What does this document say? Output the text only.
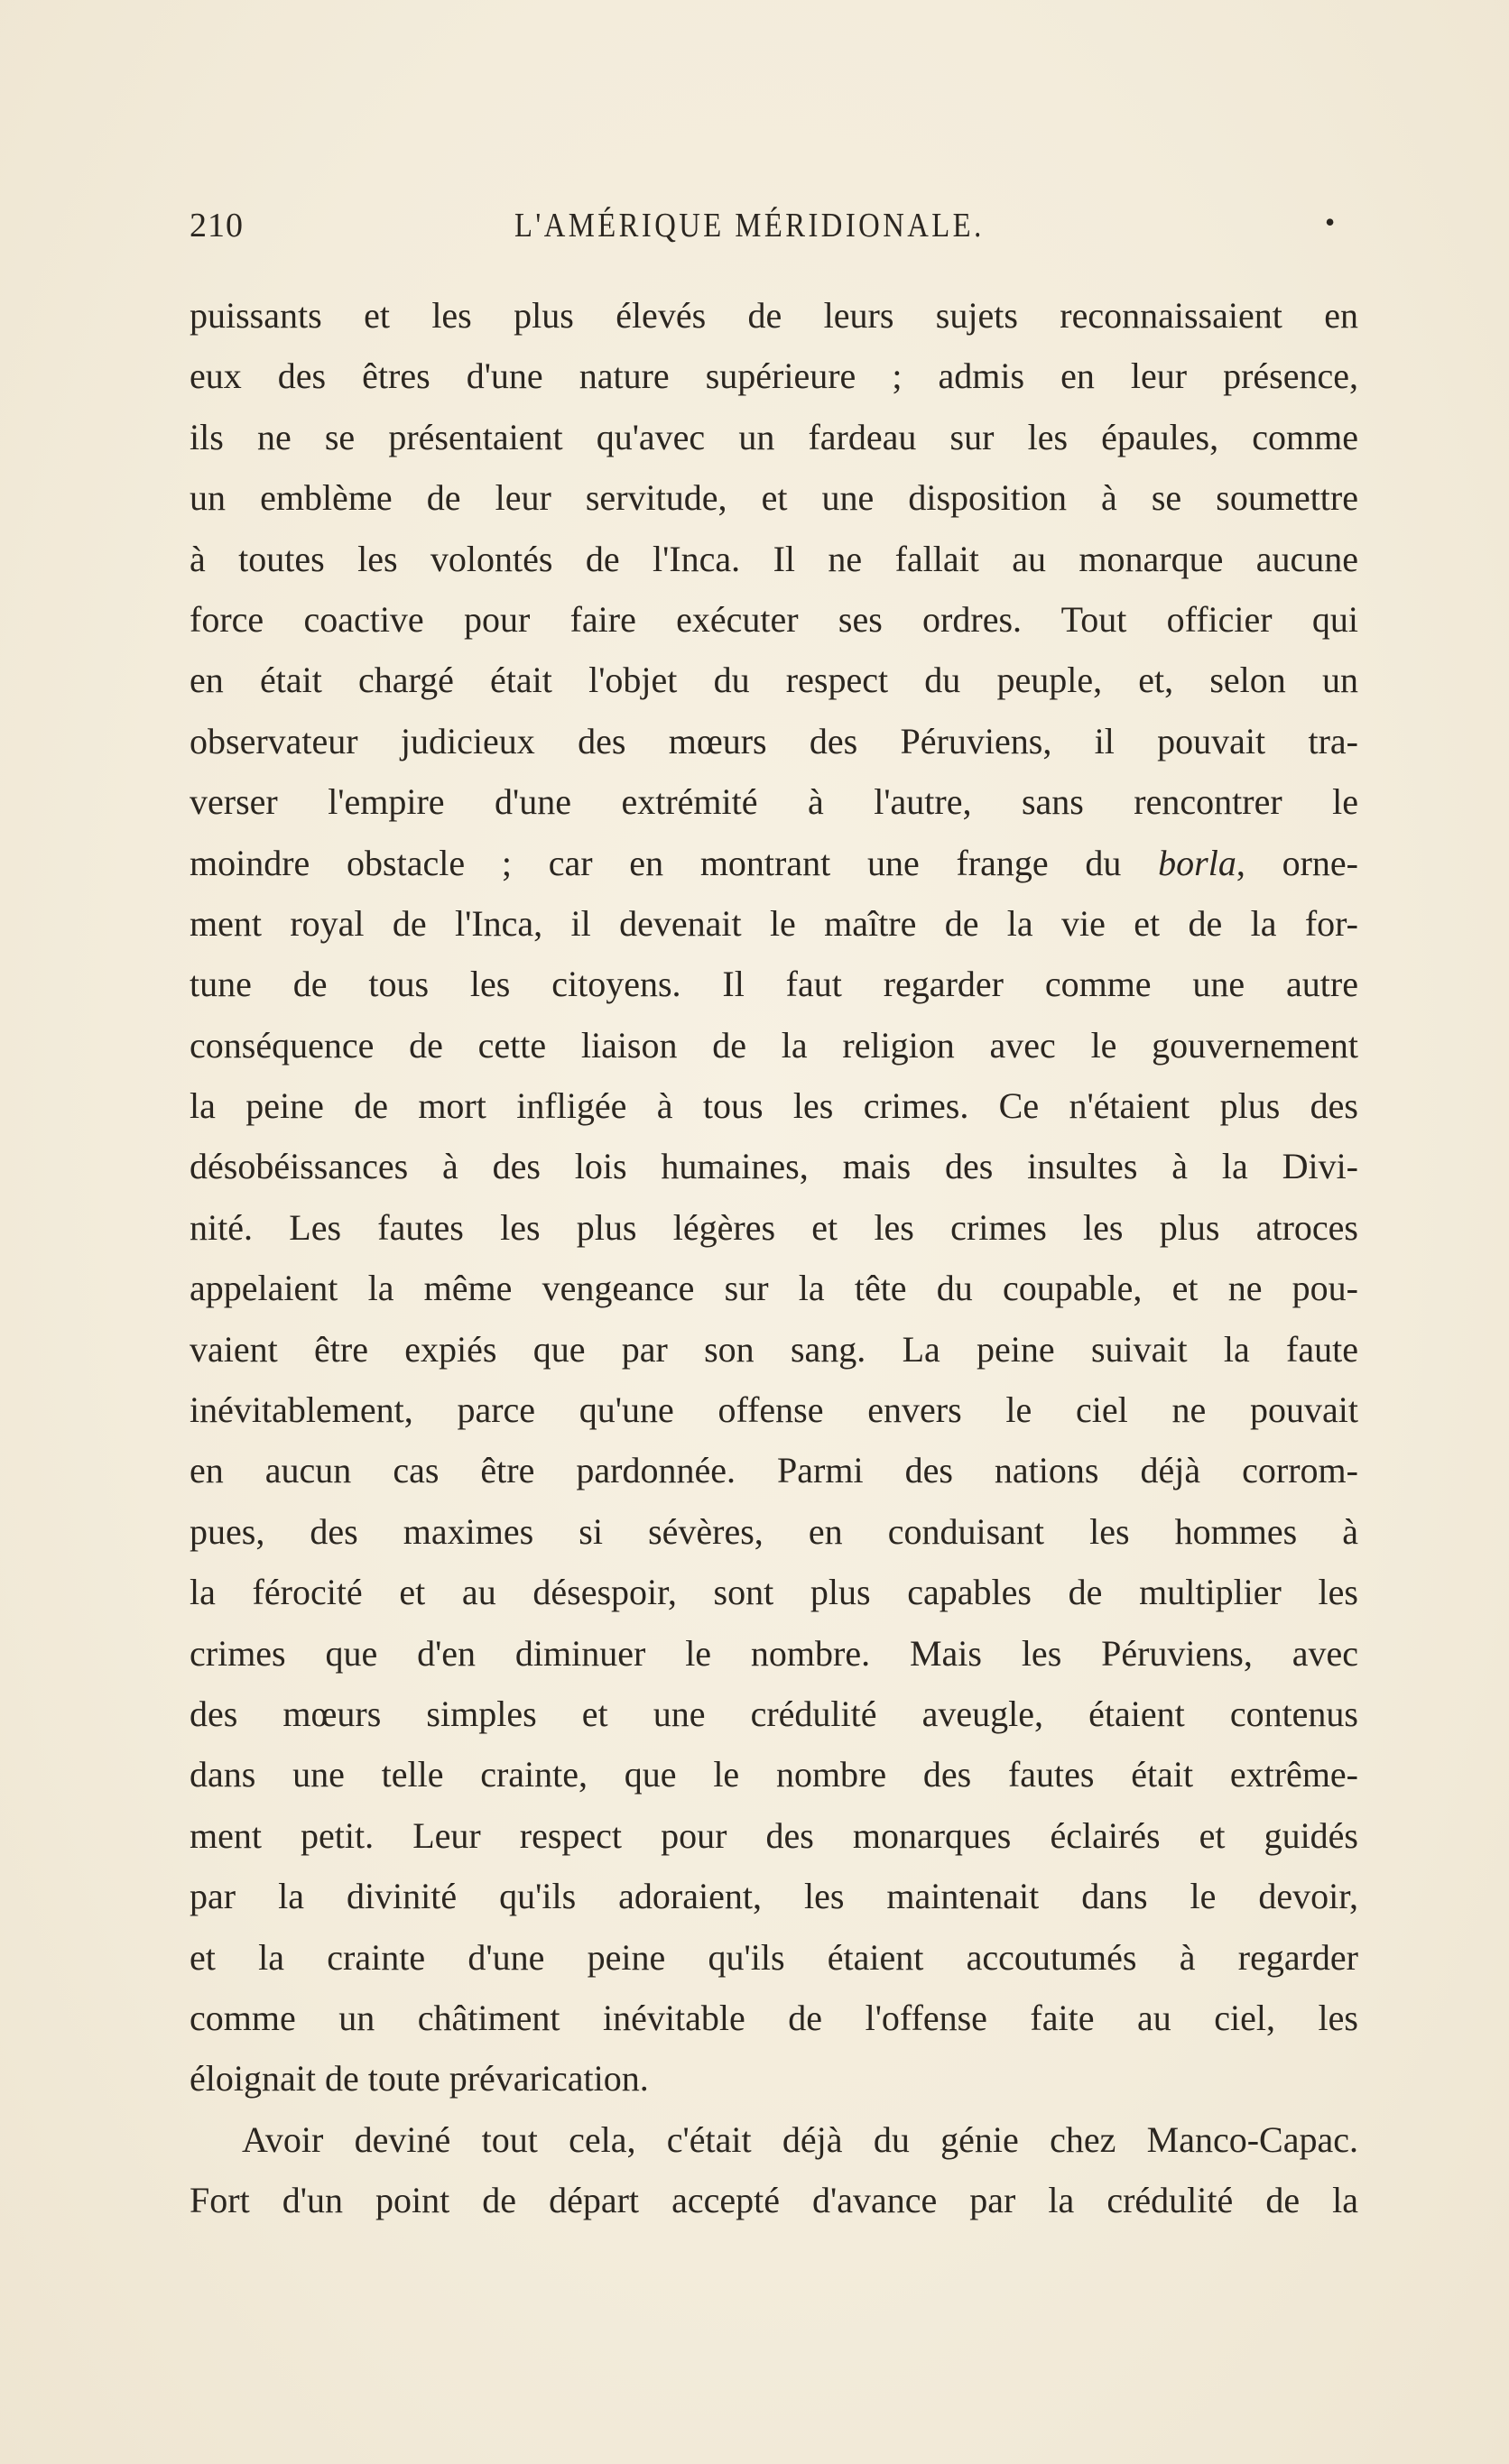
210	L'AMÉRIQUE MÉRIDIONALE.	•
puissants et les plus élevés de leurs sujets reconnaissaient en
eux des êtres d'une nature supérieure ; admis en leur présence,
ils ne se présentaient qu'avec un fardeau sur les épaules, comme
un emblème de leur servitude, et une disposition à se soumettre
à toutes les volontés de l'Inca. Il ne fallait au monarque aucune
force coactive pour faire exécuter ses ordres. Tout officier qui
en était chargé était l'objet du respect du peuple, et, selon un
observateur judicieux des mœurs des Péruviens, il pouvait tra-
verser l'empire d'une extrémité à l'autre, sans rencontrer le
moindre obstacle ; car en montrant une frange du borla, orne-
ment royal de l'Inca, il devenait le maître de la vie et de la for-
tune de tous les citoyens. Il faut regarder comme une autre
conséquence de cette liaison de la religion avec le gouvernement
la peine de mort infligée à tous les crimes. Ce n'étaient plus des
désobéissances à des lois humaines, mais des insultes à la Divi-
nité. Les fautes les plus légères et les crimes les plus atroces
appelaient la même vengeance sur la tête du coupable, et ne pou-
vaient être expiés que par son sang. La peine suivait la faute
inévitablement, parce qu'une offense envers le ciel ne pouvait
en aucun cas être pardonnée. Parmi des nations déjà corrom-
pues, des maximes si sévères, en conduisant les hommes à
la férocité et au désespoir, sont plus capables de multiplier les
crimes que d'en diminuer le nombre. Mais les Péruviens, avec
des mœurs simples et une crédulité aveugle, étaient contenus
dans une telle crainte, que le nombre des fautes était extrême-
ment petit. Leur respect pour des monarques éclairés et guidés
par la divinité qu'ils adoraient, les maintenait dans le devoir,
et la crainte d'une peine qu'ils étaient accoutumés à regarder
comme un châtiment inévitable de l'offense faite au ciel, les
éloignait de toute prévarication.
Avoir deviné tout cela, c'était déjà du génie chez Manco-Capac.
Fort d'un point de départ accepté d'avance par la crédulité de la
